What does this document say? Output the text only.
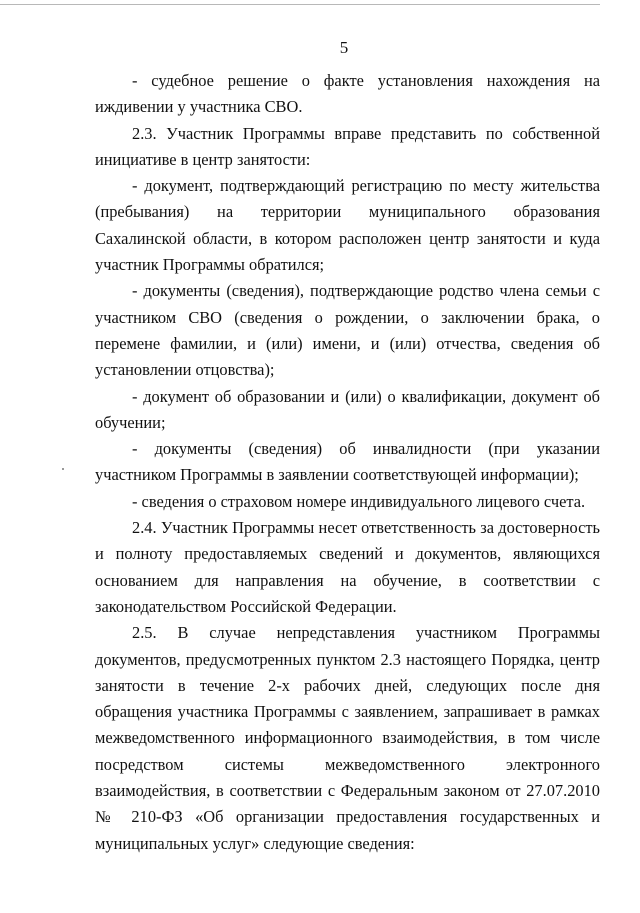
5

- судебное решение о факте установления нахождения на иждивении у участника СВО.

2.3. Участник Программы вправе представить по собственной инициативе в центр занятости:

- документ, подтверждающий регистрацию по месту жительства (пребывания) на территории муниципального образования Сахалинской области, в котором расположен центр занятости и куда участник Программы обратился;

- документы (сведения), подтверждающие родство члена семьи с участником СВО (сведения о рождении, о заключении брака, о перемене фамилии, и (или) имени, и (или) отчества, сведения об установлении отцовства);

- документ об образовании и (или) о квалификации, документ об обучении;

- документы (сведения) об инвалидности (при указании участником Программы в заявлении соответствующей информации);

- сведения о страховом номере индивидуального лицевого счета.

2.4. Участник Программы несет ответственность за достоверность и полноту предоставляемых сведений и документов, являющихся основанием для направления на обучение, в соответствии с законодательством Российской Федерации.

2.5. В случае непредставления участником Программы документов, предусмотренных пунктом 2.3 настоящего Порядка, центр занятости в течение 2-х рабочих дней, следующих после дня обращения участника Программы с заявлением, запрашивает в рамках межведомственного информационного взаимодействия, в том числе посредством системы межведомственного электронного взаимодействия, в соответствии с Федеральным законом от 27.07.2010 № 210-ФЗ «Об организации предоставления государственных и муниципальных услуг» следующие сведения:
